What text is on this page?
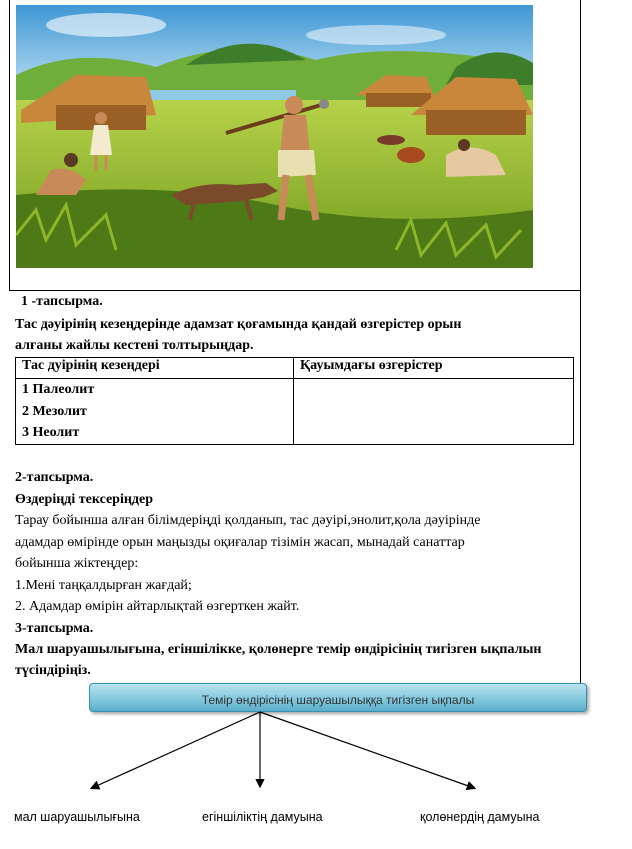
1 -тапсырма.
Тас дәуірінің кезеңдерінде адамзат қоғамында қандай өзгерістер орын
алғаны жайлы кестені толтырыңдар.
Тас дуірінің кезеңдері	Қауымдағы өзгерістер

1 Палеолит
2 Мезолит
3 Неолит	

2-тапсырма.
Өздеріңді тексеріңдер
Тарау бойынша алған білімдеріңді қолданып, тас дәуірі,энолит,қола дәуірінде
адамдар өмірінде орын маңызды оқиғалар тізімін жасап, мынадай санаттар
бойынша жіктеңдер:
1.Мені таңқалдырған жағдай;
2. Адамдар өмірін айтарлықтай өзгерткен жайт.
3-тапсырма.
Мал шаруашылығына, егіншілікке, қолөнерге темір өндірісінің тигізген ықпалын
түсіндіріңіз.
Темір өндірісінің шаруашылыққа тигізген ықпалы
мал шаруашылығына	егіншіліктің дамуына	қолөнердің дамуына
